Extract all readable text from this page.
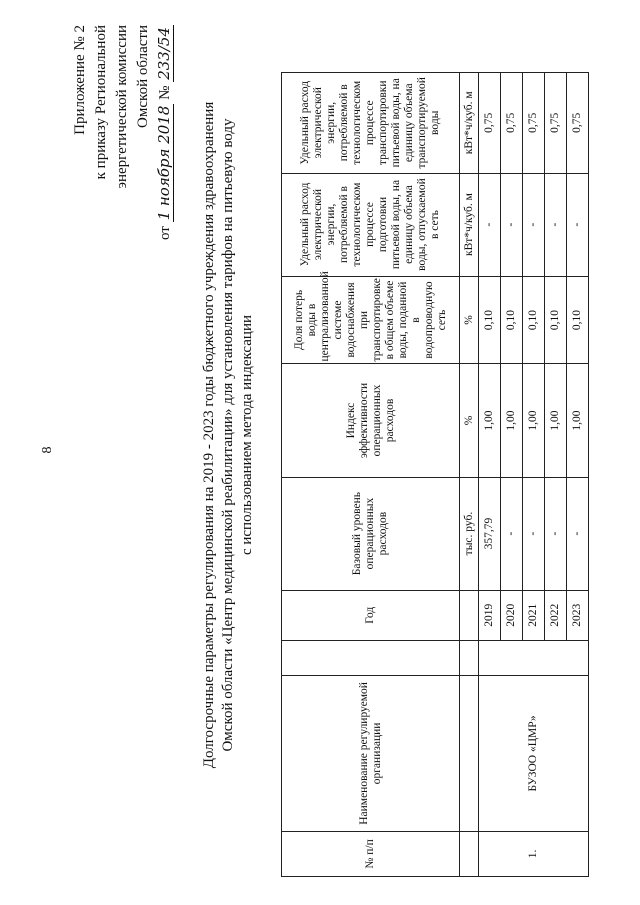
8
Приложение № 2 к приказу Региональной энергетической комиссии Омской области
от 1 ноября 2018 № 233/54
Долгосрочные параметры регулирования на 2019 - 2023 годы бюджетного учреждения здравоохранения Омской области «Центр медицинской реабилитации» для установления тарифов на питьевую воду с использованием метода индексации
№ п/п	Наименование регулируемой организации		Год	Базовый уровень операционных расходов	Индекс эффективности операционных расходов	Доля потерь воды в централизованной системе водоснабжения при транспортировке в общем объеме воды, поданной в водопроводную сеть	Удельный расход электрической энергии, потребляемой в технологическом процессе подготовки питьевой воды, на единицу объема воды, отпускаемой в сеть	Удельный расход электрической энергии, потребляемой в технологическом процессе транспортировки питьевой воды, на единицу объема транспортируемой воды
				тыс. руб.	%	%	кВт*ч/куб. м	кВт*ч/куб. м
1.	БУЗОО «ЦМР»		2019	357,79	1,00	0,10	-	0,75
			2020	-	1,00	0,10	-	0,75
			2021	-	1,00	0,10	-	0,75
			2022	-	1,00	0,10	-	0,75
			2023	-	1,00	0,10	-	0,75
